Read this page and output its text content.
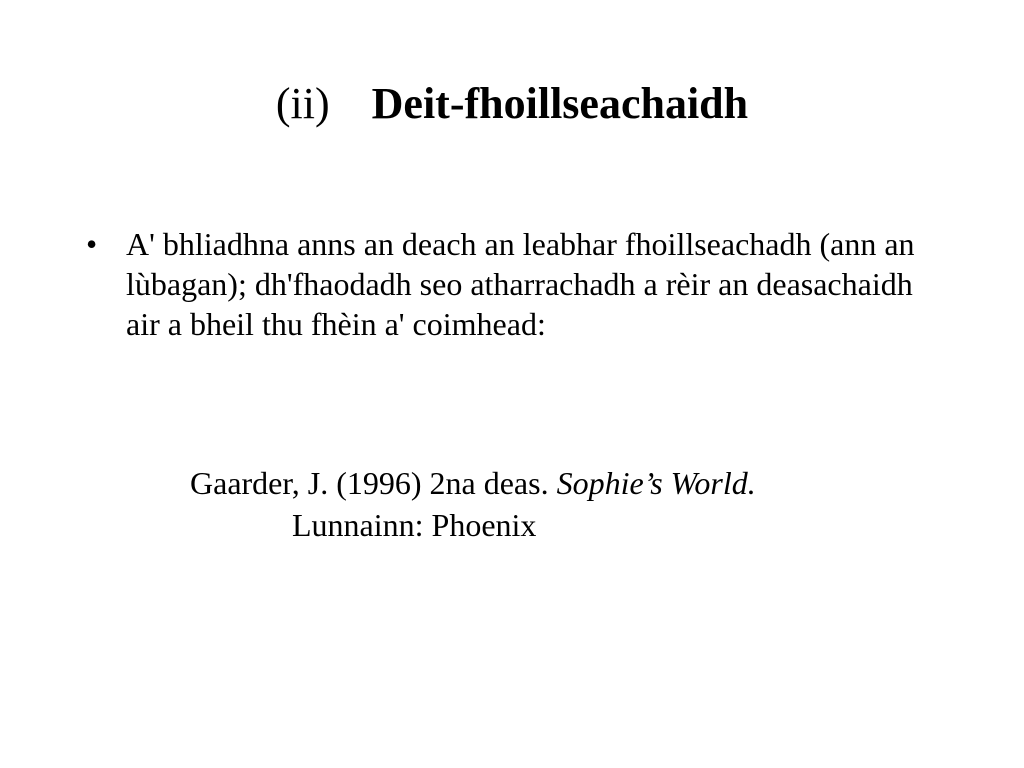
(ii) Deit-fhoillseachaidh
• A' bhliadhna anns an deach an leabhar fhoillseachadh (ann an lùbagan); dh'fhaodadh seo atharrachadh a rèir an deasachaidh air a bheil thu fhèin a' coimhead:
Gaarder, J. (1996) 2na deas. Sophie’s World.
Lunnainn: Phoenix
